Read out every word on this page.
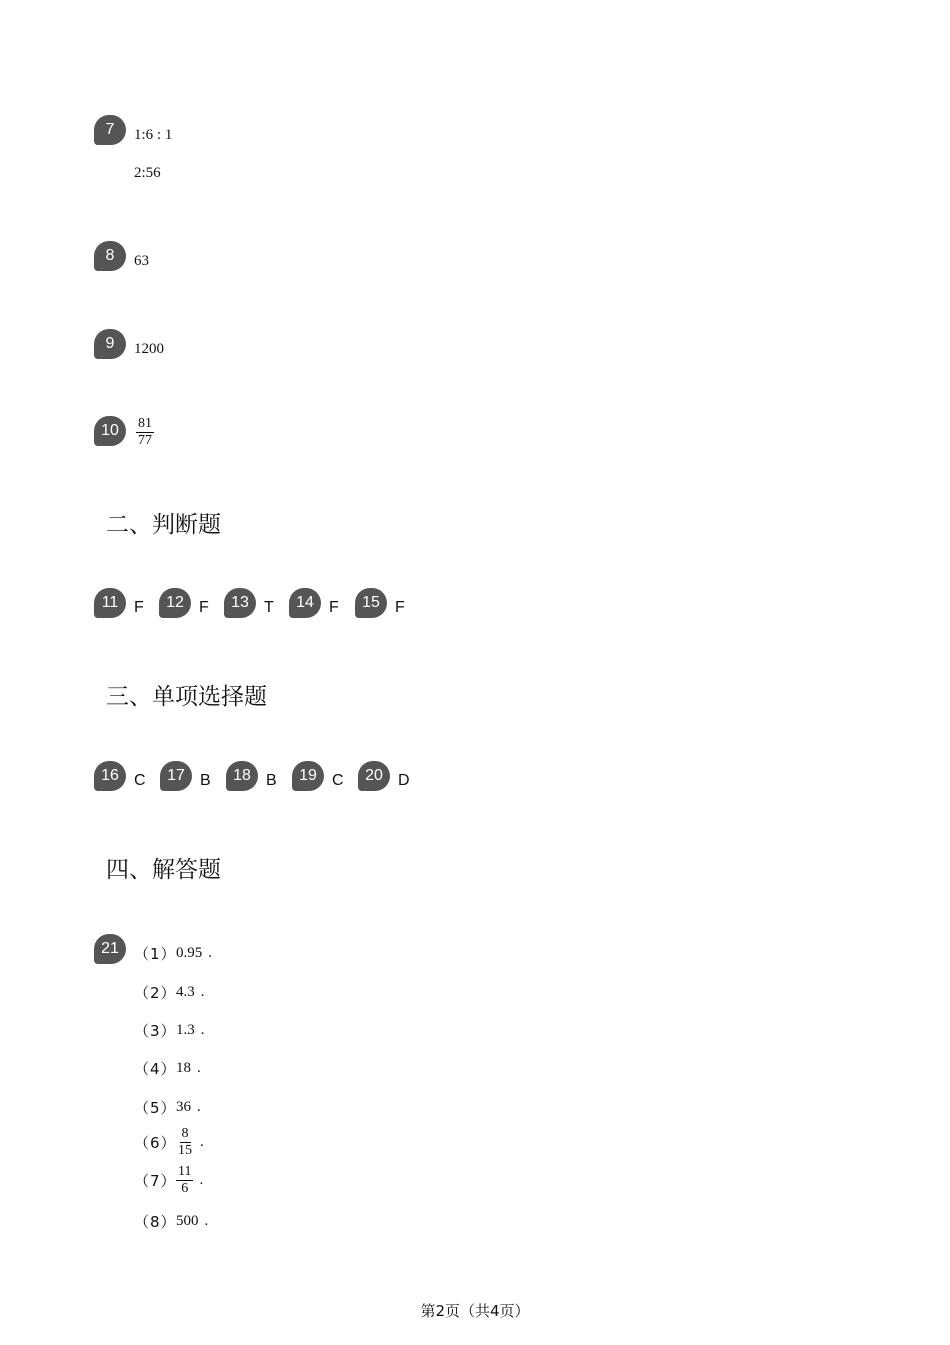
7	1:6 : 1
2:56
8	63
9	1200
10	$\frac{81}{77}$
二、判断题
11 F	12 F	13 T	14 F	15 F
三、单项选择题
16 C	17 B	18 B	19 C	20 D
四、解答题
21	（1） 0.95 .
（2） 4.3 .
（3） 1.3 .
（4） 18 .
（5） 36 .
$(6) \frac{8}{15}$ .
$(7) \frac{11}{6}$ .
（8） 500 .
第2页（共4页）
